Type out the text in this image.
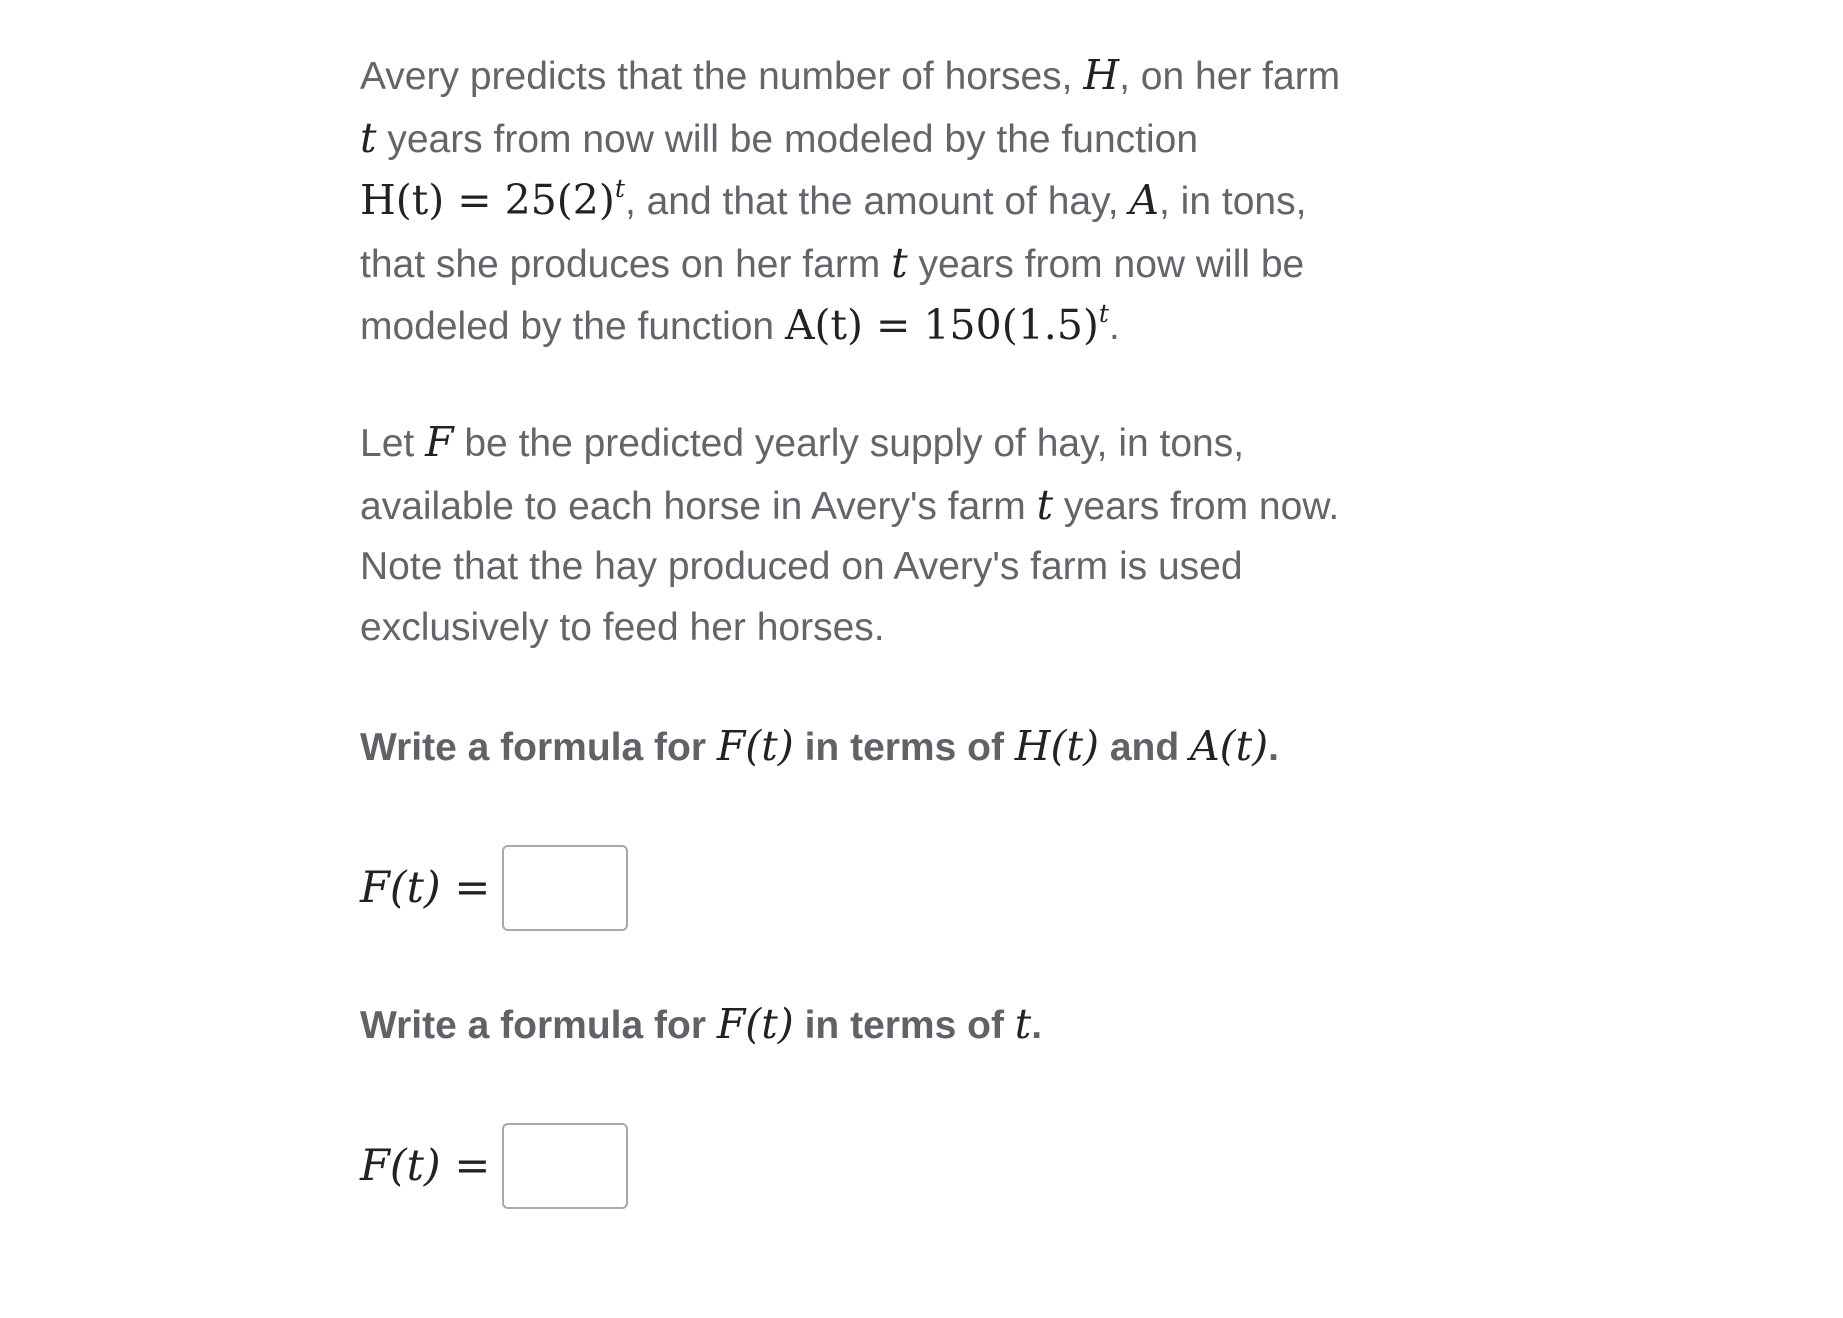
Avery predicts that the number of horses, H, on her farm
t years from now will be modeled by the function
$H(t) = 25(2)^t$, and that the amount of hay, A, in tons,
that she produces on her farm t years from now will be
modeled by the function $A(t) = 150(1.5)^t$.

Let F be the predicted yearly supply of hay, in tons,
available to each horse in Avery's farm t years from now.
Note that the hay produced on Avery's farm is used
exclusively to feed her horses.

Write a formula for F(t) in terms of H(t) and A(t).

F(t) =

Write a formula for F(t) in terms of t.

F(t) =
